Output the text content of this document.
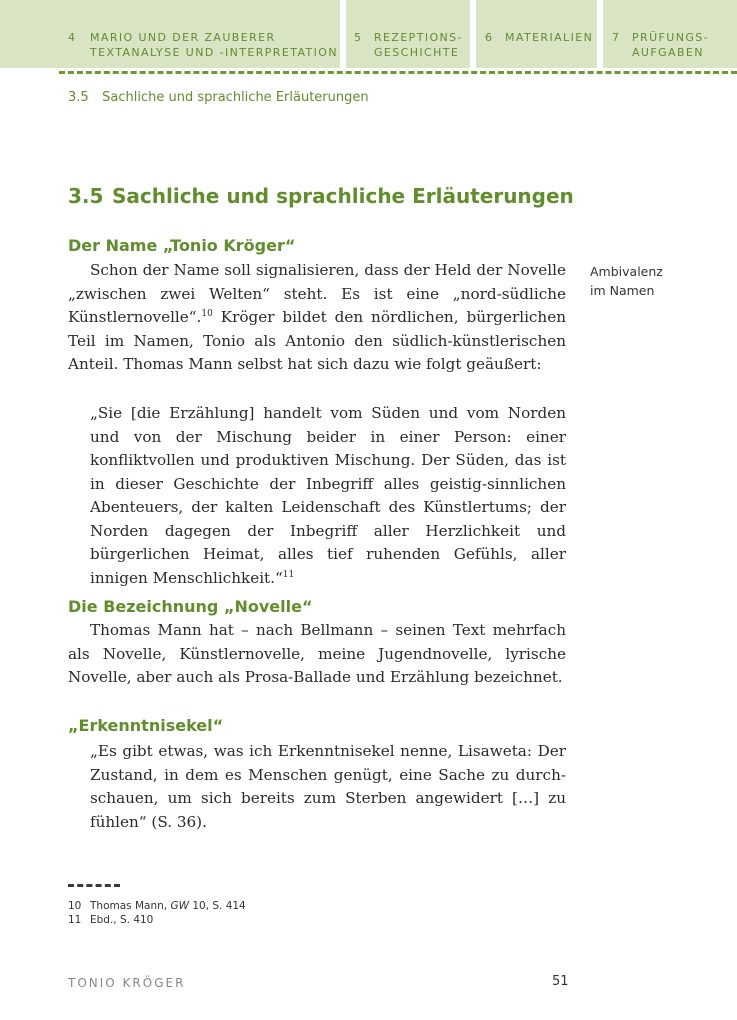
4 MARIO UND DER ZAUBERER
TEXTANALYSE UND -INTERPRETATION
5 REZEPTIONS-
GESCHICHTE
6 MATERIALIEN 7 PRÜFUNGS-
AUFGABEN
3.5 Sachliche und sprachliche Erläuterungen
3.5 Sachliche und sprachliche Erläuterungen
Der Name „Tonio Kröger“

Schon der Name soll signalisieren, dass der Held der Novelle „zwischen zwei Welten“ steht. Es ist eine „nord-südliche Künstlernovelle“.$^{10}$ Kröger bildet den nördlichen, bürgerlichen Teil im Namen, Tonio als Antonio den südlich-künstlerischen Anteil. Thomas Mann selbst hat sich dazu wie folgt geäußert:

Ambivalenz
im Namen

„Sie [die Erzählung] handelt vom Süden und vom Norden und von der Mischung beider in einer Person: einer konfliktvollen und produktiven Mischung. Der Süden, das ist in dieser Geschichte der Inbegriff alles geistig-sinnlichen Abenteuers, der kalten Leidenschaft des Künstlertums; der Norden dagegen der Inbegriff aller Herzlichkeit und bürgerlichen Heimat, alles tief ruhenden Gefühls, aller innigen Menschlichkeit.“$^{11}$

Die Bezeichnung „Novelle“

Thomas Mann hat – nach Bellmann – seinen Text mehrfach als Novelle, Künstlernovelle, meine Jugendnovelle, lyrische Novelle, aber auch als Prosa-Ballade und Erzählung bezeichnet.

„Erkenntnisekel“

„Es gibt etwas, was ich Erkenntnisekel nenne, Lisaweta: Der Zustand, in dem es Menschen genügt, eine Sache zu durchschauen, um sich bereits zum Sterben angewidert […] zu fühlen“ (S. 36).

10 Thomas Mann, GW 10, S. 414
11 Ebd., S. 410
TONIO KRÖGER	51
